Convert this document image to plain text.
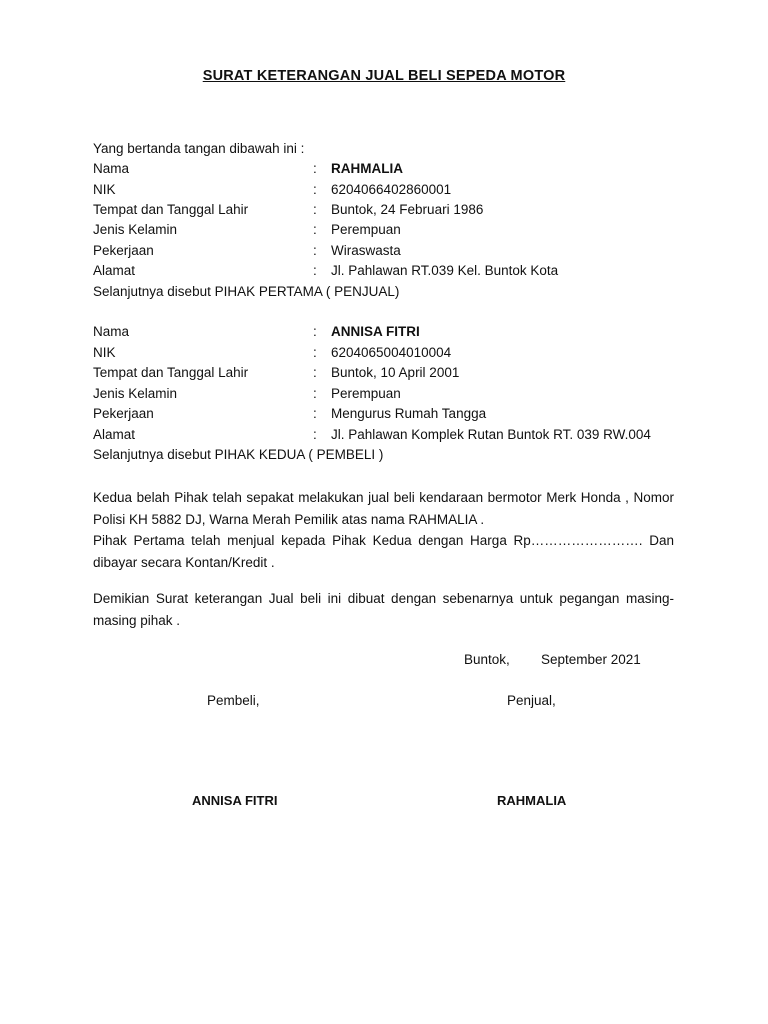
SURAT KETERANGAN JUAL BELI SEPEDA MOTOR
Yang bertanda tangan dibawah ini :
Nama	: RAHMALIA
NIK	: 6204066402860001
Tempat dan Tanggal Lahir	: Buntok, 24 Februari 1986
Jenis Kelamin	: Perempuan
Pekerjaan	: Wiraswasta
Alamat	: Jl. Pahlawan RT.039 Kel. Buntok Kota
Selanjutnya disebut PIHAK PERTAMA ( PENJUAL)
Nama	: ANNISA FITRI
NIK	: 6204065004010004
Tempat dan Tanggal Lahir	: Buntok, 10 April 2001
Jenis Kelamin	: Perempuan
Pekerjaan	: Mengurus Rumah Tangga
Alamat	: Jl. Pahlawan Komplek Rutan Buntok RT. 039 RW.004
Selanjutnya disebut PIHAK KEDUA ( PEMBELI )

Kedua belah Pihak telah sepakat melakukan jual beli kendaraan bermotor Merk Honda , Nomor Polisi KH 5882 DJ, Warna Merah Pemilik atas nama RAHMALIA .

Pihak Pertama telah menjual kepada Pihak Kedua dengan Harga Rp……………………. Dan

dibayar secara Kontan/Kredit .

Demikian Surat keterangan Jual beli ini dibuat dengan sebenarnya untuk pegangan masing-masing pihak .

Buntok, September 2021
Pembeli,	Penjual,
ANNISA FITRI	RAHMALIA
